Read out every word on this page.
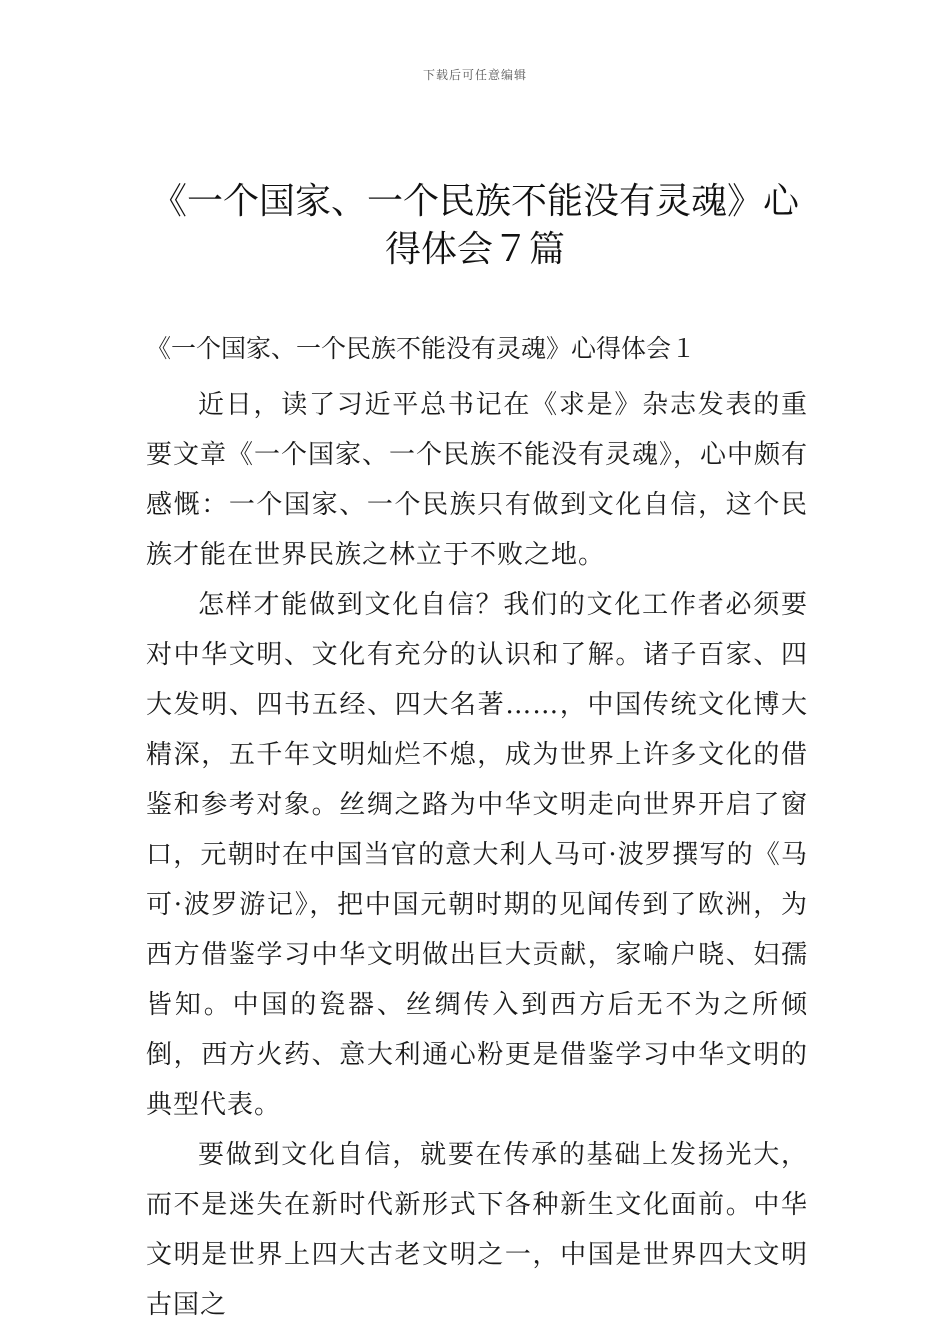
下载后可任意编辑
《一个国家、一个民族不能没有灵魂》心得体会７篇
《一个国家、一个民族不能没有灵魂》心得体会１

近日，读了习近平总书记在《求是》杂志发表的重要文章《一个国家、一个民族不能没有灵魂》，心中颇有感慨：一个国家、一个民族只有做到文化自信，这个民族才能在世界民族之林立于不败之地。

怎样才能做到文化自信？我们的文化工作者必须要对中华文明、文化有充分的认识和了解。诸子百家、四大发明、四书五经、四大名著……，中国传统文化博大精深，五千年文明灿烂不熄，成为世界上许多文化的借鉴和参考对象。丝绸之路为中华文明走向世界开启了窗口，元朝时在中国当官的意大利人马可·波罗撰写的《马可·波罗游记》，把中国元朝时期的见闻传到了欧洲，为西方借鉴学习中华文明做出巨大贡献，家喻户晓、妇孺皆知。中国的瓷器、丝绸传入到西方后无不为之所倾倒，西方火药、意大利通心粉更是借鉴学习中华文明的典型代表。

要做到文化自信，就要在传承的基础上发扬光大，而不是迷失在新时代新形式下各种新生文化面前。中华文明是世界上四大古老文明之一，中国是世界四大文明古国之
